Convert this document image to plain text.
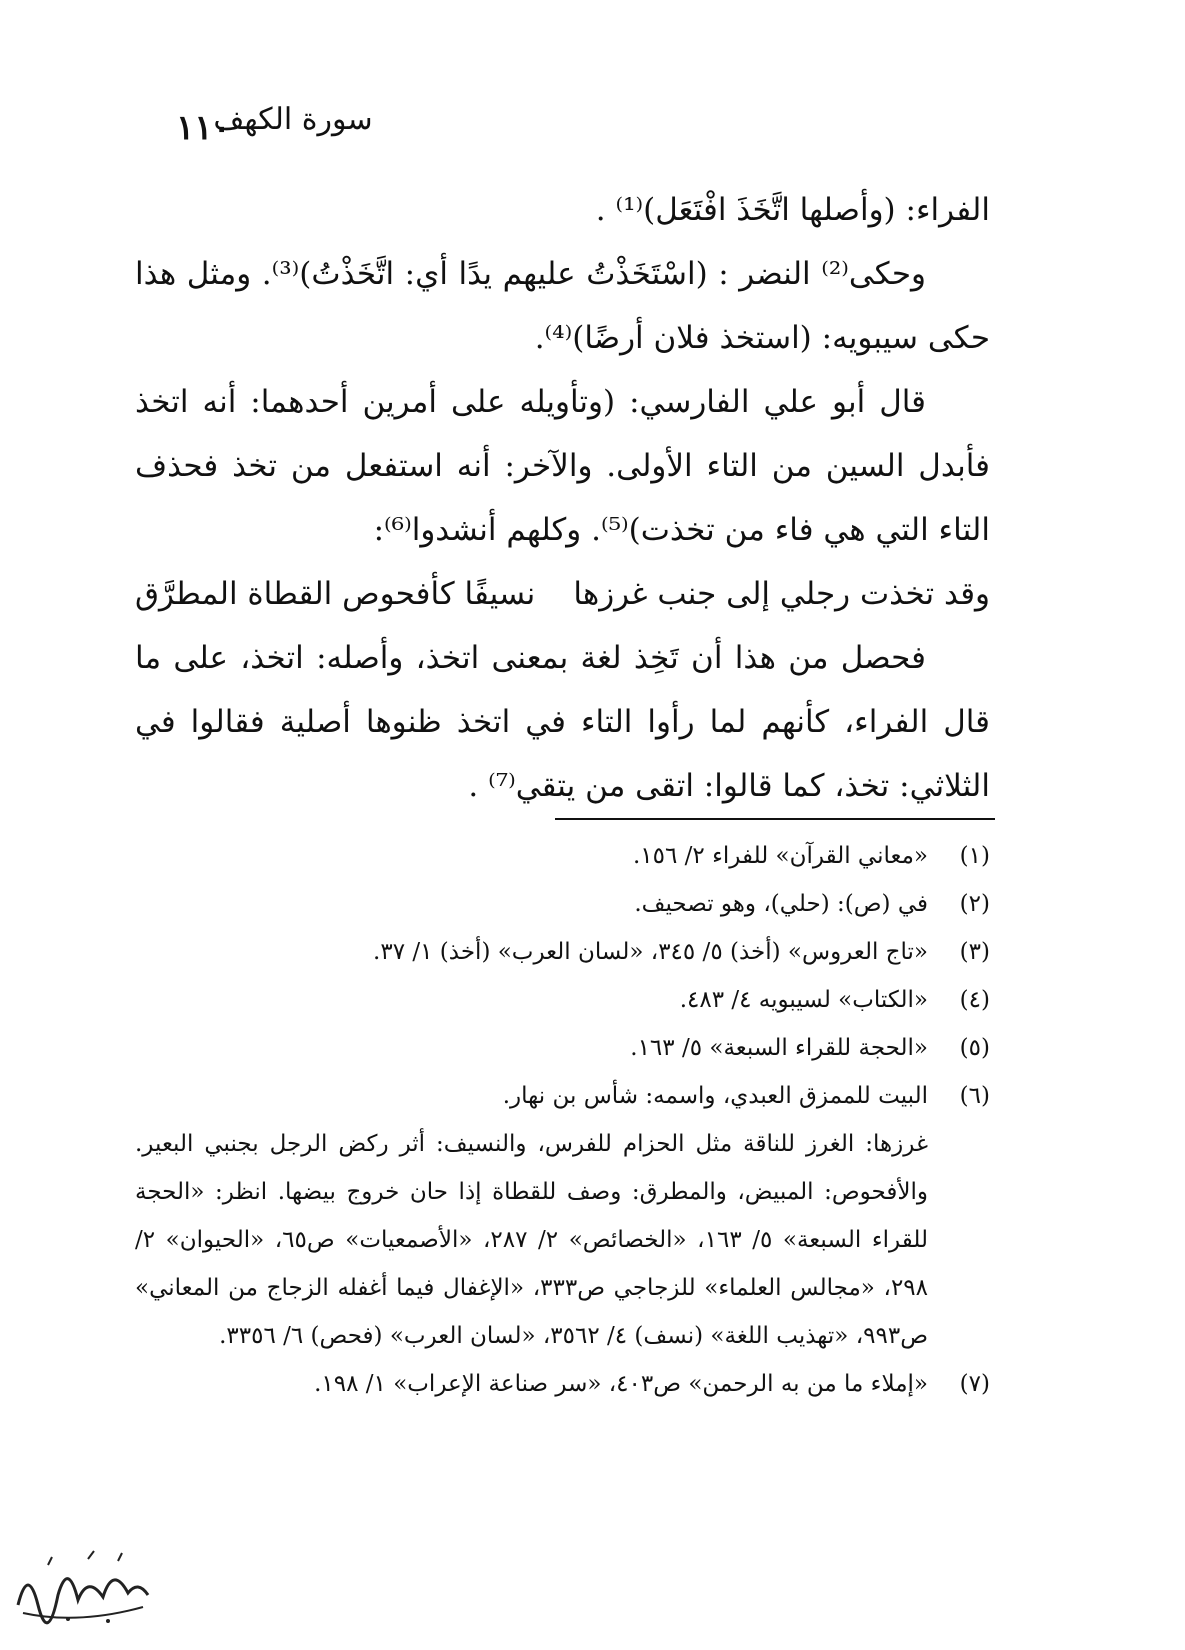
سورة الكهف
١١٠

الفراء: (وأصلها اتَّخَذَ افْتَعَل)⁽¹⁾ .

وحكى⁽²⁾ النضر : (اسْتَخَذْتُ عليهم يدًا أي: اتَّخَذْتُ)⁽³⁾. ومثل هذا حكى سيبويه: (استخذ فلان أرضًا)⁽⁴⁾.

قال أبو علي الفارسي: (وتأويله على أمرين أحدهما: أنه اتخذ فأبدل السين من التاء الأولى. والآخر: أنه استفعل من تخذ فحذف التاء التي هي فاء من تخذت)⁽⁵⁾. وكلهم أنشدوا⁽⁶⁾:

وقد تخذت رجلي إلى جنب غرزها
نسيفًا كأفحوص القطاة المطرَّق

فحصل من هذا أن تَخِذ لغة بمعنى اتخذ، وأصله: اتخذ، على ما قال الفراء، كأنهم لما رأوا التاء في اتخذ ظنوها أصلية فقالوا في الثلاثي: تخذ، كما قالوا: اتقى من يتقي⁽⁷⁾ .

(١)
«معاني القرآن» للفراء ٢/ ١٥٦.
(٢)
في (ص): (حلي)، وهو تصحيف.
(٣)
«تاج العروس» (أخذ) ٥/ ٣٤٥، «لسان العرب» (أخذ) ١/ ٣٧.
(٤)
«الكتاب» لسيبويه ٤/ ٤٨٣.
(٥)
«الحجة للقراء السبعة» ٥/ ١٦٣.
(٦)
البيت للممزق العبدي، واسمه: شأس بن نهار.
غرزها: الغرز للناقة مثل الحزام للفرس، والنسيف: أثر ركض الرجل بجنبي البعير. والأفحوص: المبيض، والمطرق: وصف للقطاة إذا حان خروج بيضها. انظر: «الحجة للقراء السبعة» ٥/ ١٦٣، «الخصائص» ٢/ ٢٨٧، «الأصمعيات» ص٦٥، «الحيوان» ٢/ ٢٩٨، «مجالس العلماء» للزجاجي ص٣٣٣، «الإغفال فيما أغفله الزجاج من المعاني» ص٩٩٣، «تهذيب اللغة» (نسف) ٤/ ٣٥٦٢، «لسان العرب» (فحص) ٦/ ٣٣٥٦.
(٧)
«إملاء ما من به الرحمن» ص٤٠٣، «سر صناعة الإعراب» ١/ ١٩٨.
